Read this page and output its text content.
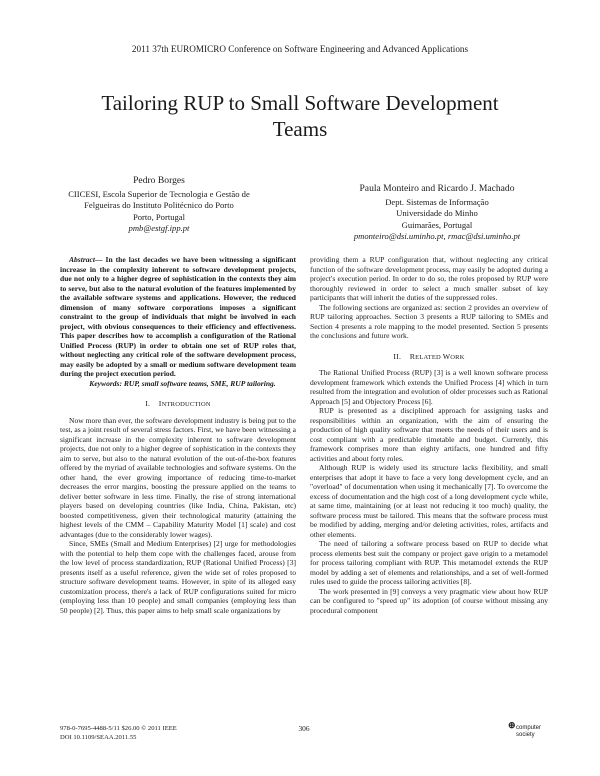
2011 37th EUROMICRO Conference on Software Engineering and Advanced Applications
Tailoring RUP to Small Software Development
Teams
Pedro Borges
CIICESI, Escola Superior de Tecnologia e Gestão de
Felgueiras do Instituto Politécnico do Porto
Porto, Portugal
pmb@estgf.ipp.pt
Paula Monteiro and Ricardo J. Machado
Dept. Sistemas de Informação
Universidade do Minho
Guimarães, Portugal
pmonteiro@dsi.uminho.pt, rmac@dsi.uminho.pt

Abstract— In the last decades we have been witnessing a significant increase in the complexity inherent to software development projects, due not only to a higher degree of sophistication in the contexts they aim to serve, but also to the natural evolution of the features implemented by the available software systems and applications. However, the reduced dimension of many software corporations imposes a significant constraint to the group of individuals that might be involved in each project, with obvious consequences to their efficiency and effectiveness. This paper describes how to accomplish a configuration of the Rational Unified Process (RUP) in order to obtain one set of RUP roles that, without neglecting any critical role of the software development process, may easily be adopted by a small or medium software development team during the project execution period.

Keywords: RUP, small software teams, SME, RUP tailoring.

I. INTRODUCTION

Now more than ever, the software development industry is being put to the test, as a joint result of several stress factors. First, we have been witnessing a significant increase in the complexity inherent to software development projects, due not only to a higher degree of sophistication in the contexts they aim to serve, but also to the natural evolution of the out-of-the-box features offered by the myriad of available technologies and software systems. On the other hand, the ever growing importance of reducing time-to-market decreases the error margins, boosting the pressure applied on the teams to deliver better software in less time. Finally, the rise of strong international players based on developing countries (like India, China, Pakistan, etc) boosted competitiveness, given their technological maturity (attaining the highest levels of the CMM – Capability Maturity Model [1] scale) and cost advantages (due to the considerably lower wages).

Since, SMEs (Small and Medium Enterprises) [2] urge for methodologies with the potential to help them cope with the challenges faced, arouse from the low level of process standardization, RUP (Rational Unified Process) [3] presents itself as a useful reference, given the wide set of roles proposed to structure software development teams. However, in spite of its alleged easy customization process, there's a lack of RUP configurations suited for micro (employing less than 10 people) and small companies (employing less than 50 people) [2]. Thus, this paper aims to help small scale organizations by

providing them a RUP configuration that, without neglecting any critical function of the software development process, may easily be adopted during a project's execution period. In order to do so, the roles proposed by RUP were thoroughly reviewed in order to select a much smaller subset of key participants that will inherit the duties of the suppressed roles.

The following sections are organized as: section 2 provides an overview of RUP tailoring approaches. Section 3 presents a RUP tailoring to SMEs and Section 4 presents a role mapping to the model presented. Section 5 presents the conclusions and future work.

II. RELATED WORK

The Rational Unified Process (RUP) [3] is a well known software process development framework which extends the Unified Process [4] which in turn resulted from the integration and evolution of older processes such as Rational Approach [5] and Objectory Process [6].

RUP is presented as a disciplined approach for assigning tasks and responsibilities within an organization, with the aim of ensuring the production of high quality software that meets the needs of their users and is cost compliant with a predictable timetable and budget. Currently, this framework comprises more than eighty artifacts, one hundred and fifty activities and about forty roles.

Although RUP is widely used its structure lacks flexibility, and small enterprises that adopt it have to face a very long development cycle, and an "overload" of documentation when using it mechanically [7]. To overcome the excess of documentation and the high cost of a long development cycle while, at same time, maintaining (or at least not reducing it too much) quality, the software process must be tailored. This means that the software process must be modified by adding, merging and/or deleting activities, roles, artifacts and other elements.

The need of tailoring a software process based on RUP to decide what process elements best suit the company or project gave origin to a metamodel for process tailoring compliant with RUP. This metamodel extends the RUP model by adding a set of elements and relationships, and a set of well-formed rules used to guide the process tailoring activities [8].

The work presented in [9] conveys a very pragmatic view about how RUP can be configured to "speed up" its adoption (of course without missing any procedural component

978-0-7695-4488-5/11 $26.00 © 2011 IEEE
DOI 10.1109/SEAA.2011.55
306	⊕ computer
society
